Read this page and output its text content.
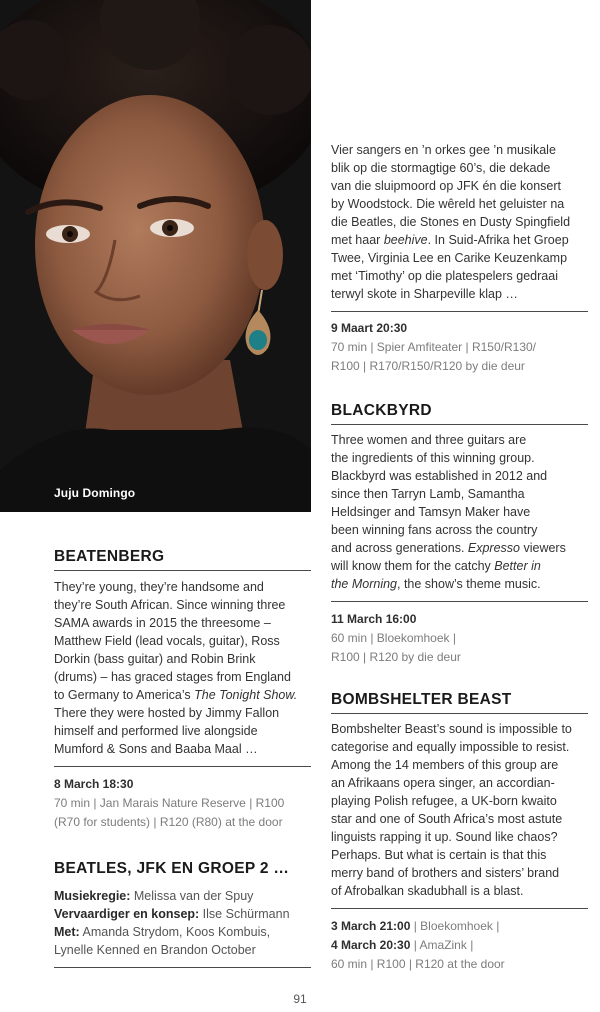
Juju Domingo
BEATENBERG
They’re young, they’re handsome and
they’re South African. Since winning three
SAMA awards in 2015 the threesome –
Matthew Field (lead vocals, guitar), Ross
Dorkin (bass guitar) and Robin Brink
(drums) – has graced stages from England
to Germany to America’s The Tonight Show.
There they were hosted by Jimmy Fallon
himself and performed live alongside
Mumford & Sons and Baaba Maal …
8 March 18:30
70 min | Jan Marais Nature Reserve | R100
(R70 for students) | R120 (R80) at the door
BEATLES, JFK EN GROEP 2 …
Musiekregie: Melissa van der Spuy
Vervaardiger en konsep: Ilse Schürmann
Met: Amanda Strydom, Koos Kombuis,
Lynelle Kenned en Brandon October
Vier sangers en ’n orkes gee ’n musikale
blik op die stormagtige 60’s, die dekade
van die sluipmoord op JFK én die konsert
by Woodstock. Die wêreld het geluister na
die Beatles, die Stones en Dusty Spingfield
met haar beehive. In Suid-Afrika het Groep
Twee, Virginia Lee en Carike Keuzenkamp
met ‘Timothy’ op die platespelers gedraai
terwyl skote in Sharpeville klap …
9 Maart 20:30
70 min | Spier Amfiteater | R150/R130/
R100 | R170/R150/R120 by die deur
BLACKBYRD
Three women and three guitars are
the ingredients of this winning group.
Blackbyrd was established in 2012 and
since then Tarryn Lamb, Samantha
Heldsinger and Tamsyn Maker have
been winning fans across the country
and across generations. Expresso viewers
will know them for the catchy Better in
the Morning, the show’s theme music.
11 March 16:00
60 min | Bloekomhoek |
R100 | R120 by die deur
BOMBSHELTER BEAST
Bombshelter Beast’s sound is impossible to
categorise and equally impossible to resist.
Among the 14 members of this group are
an Afrikaans opera singer, an accordian-
playing Polish refugee, a UK-born kwaito
star and one of South Africa’s most astute
linguists rapping it up. Sound like chaos?
Perhaps. But what is certain is that this
merry band of brothers and sisters’ brand
of Afrobalkan skadubhall is a blast.
3 March 21:00 | Bloekomhoek |
4 March 20:30 | AmaZink |
60 min | R100 | R120 at the door
91
